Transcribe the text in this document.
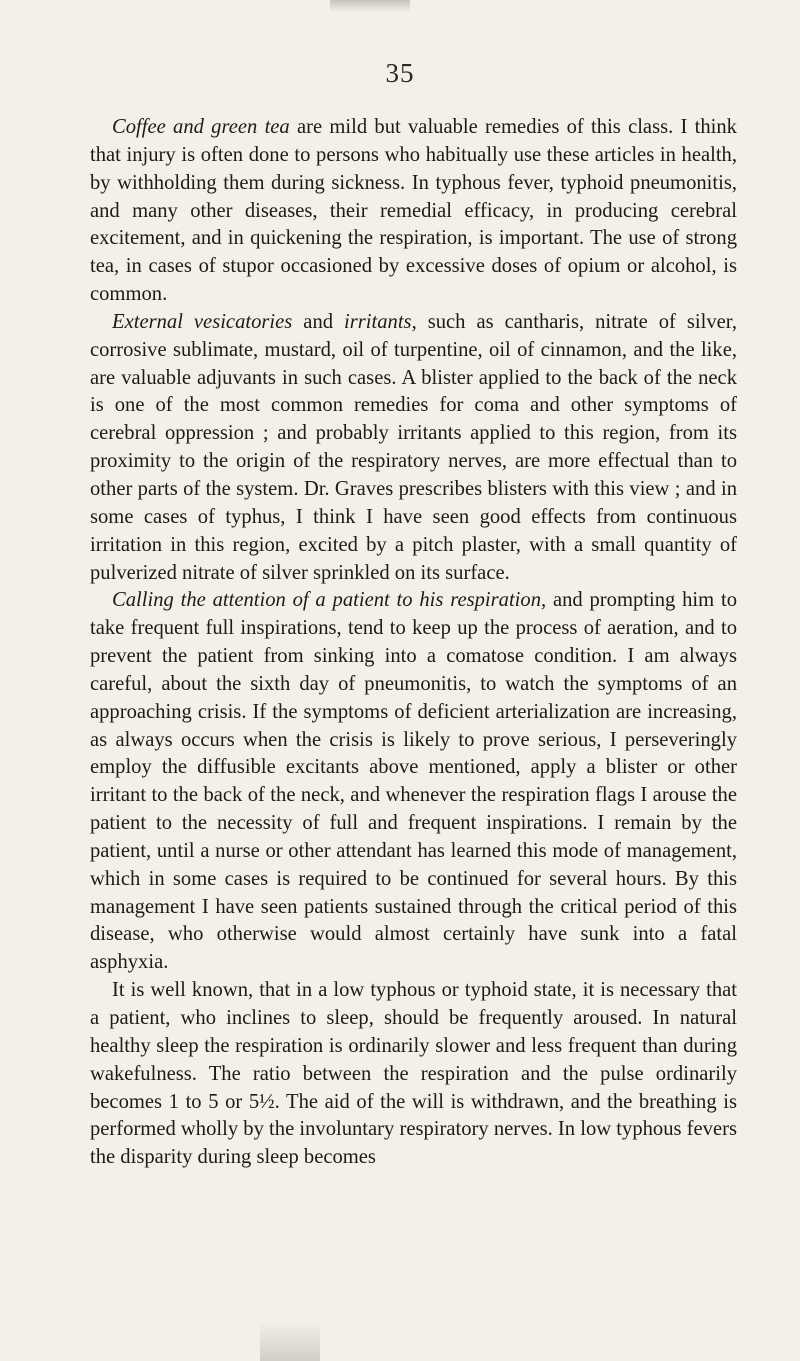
35

Coffee and green tea are mild but valuable remedies of this class. I think that injury is often done to persons who habitually use these articles in health, by withholding them during sickness. In typhous fever, typhoid pneumonitis, and many other diseases, their remedial efficacy, in producing cerebral excitement, and in quickening the respiration, is important. The use of strong tea, in cases of stupor occasioned by excessive doses of opium or alcohol, is common.

External vesicatories and irritants, such as cantharis, nitrate of silver, corrosive sublimate, mustard, oil of turpentine, oil of cinnamon, and the like, are valuable adjuvants in such cases. A blister applied to the back of the neck is one of the most common remedies for coma and other symptoms of cerebral oppression ; and probably irritants applied to this region, from its proximity to the origin of the respiratory nerves, are more effectual than to other parts of the system. Dr. Graves prescribes blisters with this view ; and in some cases of typhus, I think I have seen good effects from continuous irritation in this region, excited by a pitch plaster, with a small quantity of pulverized nitrate of silver sprinkled on its surface.

Calling the attention of a patient to his respiration, and prompting him to take frequent full inspirations, tend to keep up the process of aeration, and to prevent the patient from sinking into a comatose condition. I am always careful, about the sixth day of pneumonitis, to watch the symptoms of an approaching crisis. If the symptoms of deficient arterialization are increasing, as always occurs when the crisis is likely to prove serious, I perseveringly employ the diffusible excitants above mentioned, apply a blister or other irritant to the back of the neck, and whenever the respiration flags I arouse the patient to the necessity of full and frequent inspirations. I remain by the patient, until a nurse or other attendant has learned this mode of management, which in some cases is required to be continued for several hours. By this management I have seen patients sustained through the critical period of this disease, who otherwise would almost certainly have sunk into a fatal asphyxia.

It is well known, that in a low typhous or typhoid state, it is necessary that a patient, who inclines to sleep, should be frequently aroused. In natural healthy sleep the respiration is ordinarily slower and less frequent than during wakefulness. The ratio between the respiration and the pulse ordinarily becomes 1 to 5 or 5½. The aid of the will is withdrawn, and the breathing is performed wholly by the involuntary respiratory nerves. In low typhous fevers the disparity during sleep becomes
